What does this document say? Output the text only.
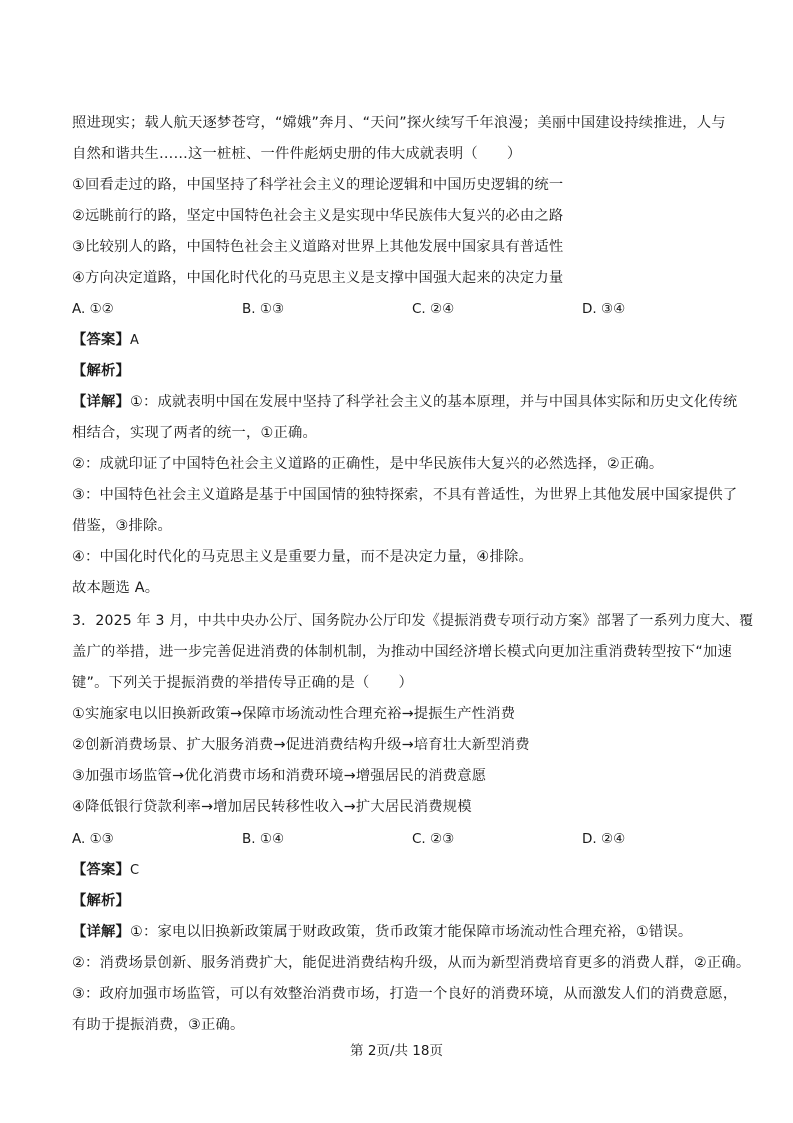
照进现实；载人航天逐梦苍穹，“嫦娥”奔月、“天问”探火续写千年浪漫；美丽中国建设持续推进，人与
自然和谐共生……这一桩桩、一件件彪炳史册的伟大成就表明（　　）
①回看走过的路，中国坚持了科学社会主义的理论逻辑和中国历史逻辑的统一
②远眺前行的路，坚定中国特色社会主义是实现中华民族伟大复兴的必由之路
③比较别人的路，中国特色社会主义道路对世界上其他发展中国家具有普适性
④方向决定道路，中国化时代化的马克思主义是支撑中国强大起来的决定力量
A. ①②	B. ①③	C. ②④	D. ③④
【答案】A
【解析】
【详解】①：成就表明中国在发展中坚持了科学社会主义的基本原理，并与中国具体实际和历史文化传统
相结合，实现了两者的统一，①正确。
②：成就印证了中国特色社会主义道路的正确性，是中华民族伟大复兴的必然选择，②正确。
③：中国特色社会主义道路是基于中国国情的独特探索，不具有普适性，为世界上其他发展中国家提供了
借鉴，③排除。
④：中国化时代化的马克思主义是重要力量，而不是决定力量，④排除。
故本题选 A。
3．2025 年 3 月，中共中央办公厅、国务院办公厅印发《提振消费专项行动方案》部署了一系列力度大、覆
盖广的举措，进一步完善促进消费的体制机制，为推动中国经济增长模式向更加注重消费转型按下“加速
键”。下列关于提振消费的举措传导正确的是（　　）
①实施家电以旧换新政策→保障市场流动性合理充裕→提振生产性消费
②创新消费场景、扩大服务消费→促进消费结构升级→培育壮大新型消费
③加强市场监管→优化消费市场和消费环境→增强居民的消费意愿
④降低银行贷款利率→增加居民转移性收入→扩大居民消费规模
A. ①③	B. ①④	C. ②③	D. ②④
【答案】C
【解析】
【详解】①：家电以旧换新政策属于财政政策，货币政策才能保障市场流动性合理充裕，①错误。
②：消费场景创新、服务消费扩大，能促进消费结构升级，从而为新型消费培育更多的消费人群，②正确。
③：政府加强市场监管，可以有效整治消费市场，打造一个良好的消费环境，从而激发人们的消费意愿，
有助于提振消费，③正确。
第 2页/共 18页
